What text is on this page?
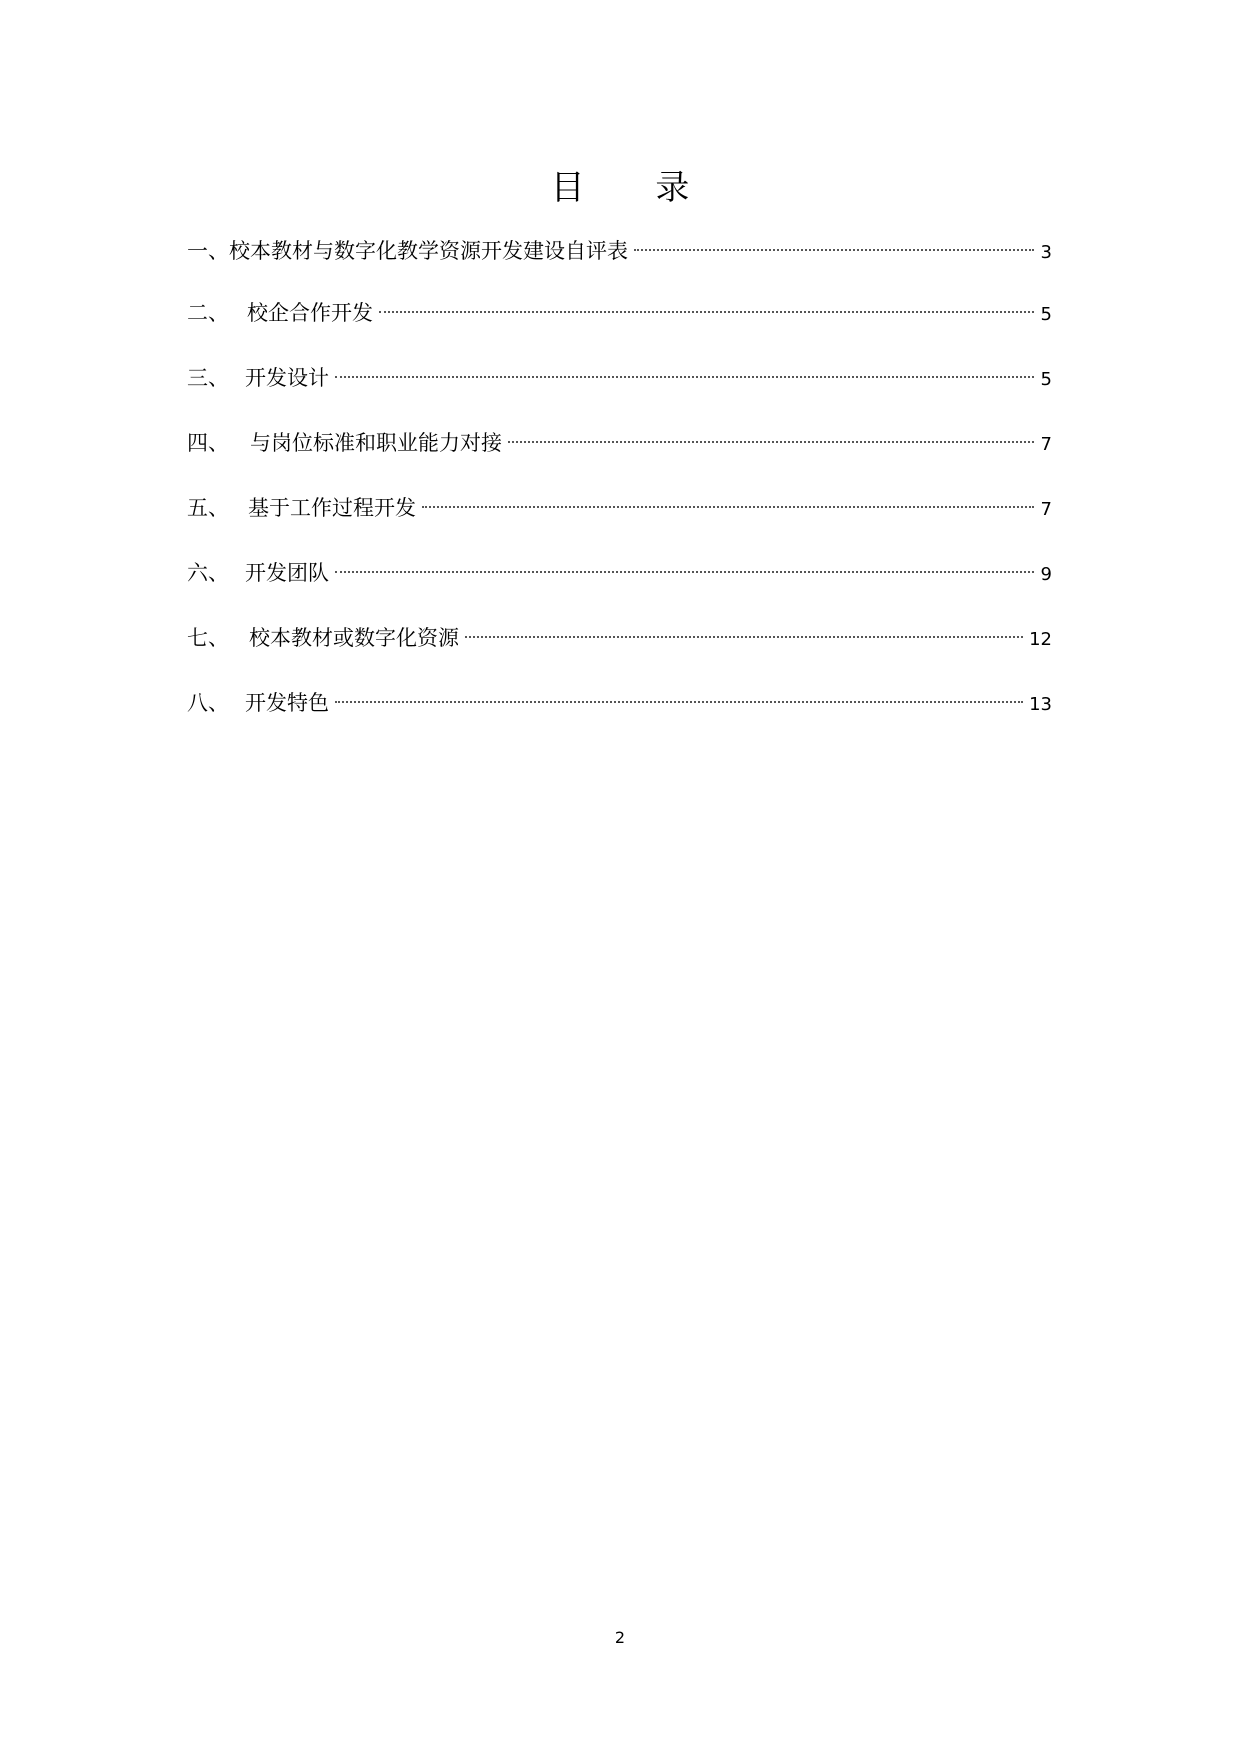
目 录
一、 校本教材与数字化教学资源开发建设自评表	3
二、 校企合作开发	5
三、 开发设计	5
四、	与岗位标准和职业能力对接	7
五、 基于工作过程开发	7
六、 开发团队	9
七、 校本教材或数字化资源	12
八、 开发特色	13
2
